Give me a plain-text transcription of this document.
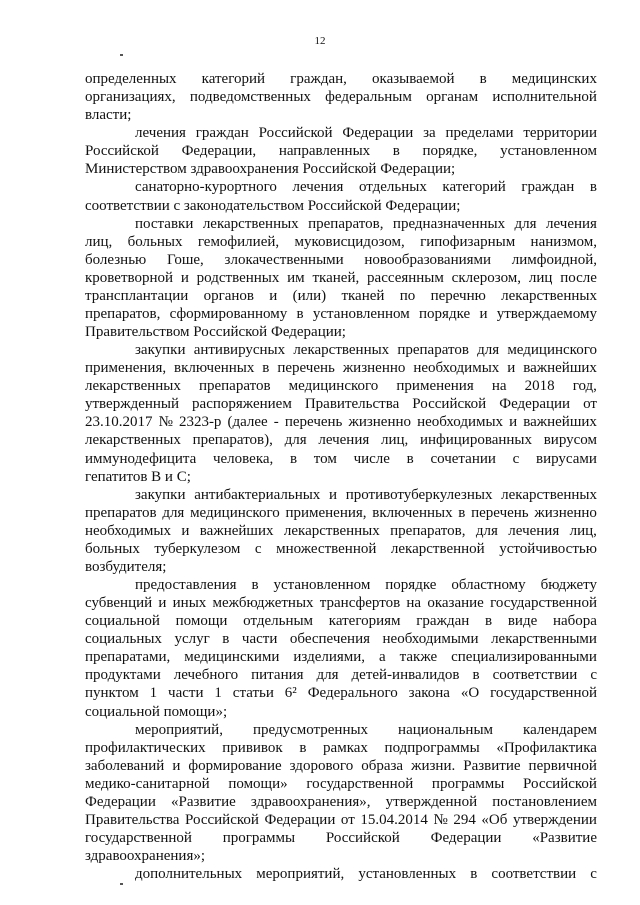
12
определенных категорий граждан, оказываемой в медицинских
организациях, подведомственных федеральным органам исполнительной
власти;
лечения граждан Российской Федерации за пределами территории
Российской Федерации, направленных в порядке, установленном
Министерством здравоохранения Российской Федерации;
санаторно-курортного лечения отдельных категорий граждан в
соответствии с законодательством Российской Федерации;
поставки лекарственных препаратов, предназначенных для лечения
лиц, больных гемофилией, муковисцидозом, гипофизарным нанизмом,
болезнью Гоше, злокачественными новообразованиями лимфоидной,
кроветворной и родственных им тканей, рассеянным склерозом, лиц после
трансплантации органов и (или) тканей по перечню лекарственных
препаратов, сформированному в установленном порядке и утверждаемому
Правительством Российской Федерации;
закупки антивирусных лекарственных препаратов для медицинского
применения, включенных в перечень жизненно необходимых и важнейших
лекарственных препаратов медицинского применения на 2018 год,
утвержденный распоряжением Правительства Российской Федерации от
23.10.2017 № 2323-р (далее - перечень жизненно необходимых и важнейших
лекарственных препаратов), для лечения лиц, инфицированных вирусом
иммунодефицита человека, в том числе в сочетании с вирусами
гепатитов B и C;
закупки антибактериальных и противотуберкулезных лекарственных
препаратов для медицинского применения, включенных в перечень жизненно
необходимых и важнейших лекарственных препаратов, для лечения лиц,
больных туберкулезом с множественной лекарственной устойчивостью
возбудителя;
предоставления в установленном порядке областному бюджету
субвенций и иных межбюджетных трансфертов на оказание государственной
социальной помощи отдельным категориям граждан в виде набора
социальных услуг в части обеспечения необходимыми лекарственными
препаратами, медицинскими изделиями, а также специализированными
продуктами лечебного питания для детей-инвалидов в соответствии с
пунктом 1 части 1 статьи 6² Федерального закона «О государственной
социальной помощи»;
мероприятий, предусмотренных национальным календарем
профилактических прививок в рамках подпрограммы «Профилактика
заболеваний и формирование здорового образа жизни. Развитие первичной
медико-санитарной помощи» государственной программы Российской
Федерации «Развитие здравоохранения», утвержденной постановлением
Правительства Российской Федерации от 15.04.2014 № 294 «Об утверждении
государственной программы Российской Федерации «Развитие
здравоохранения»;
дополнительных мероприятий, установленных в соответствии с
